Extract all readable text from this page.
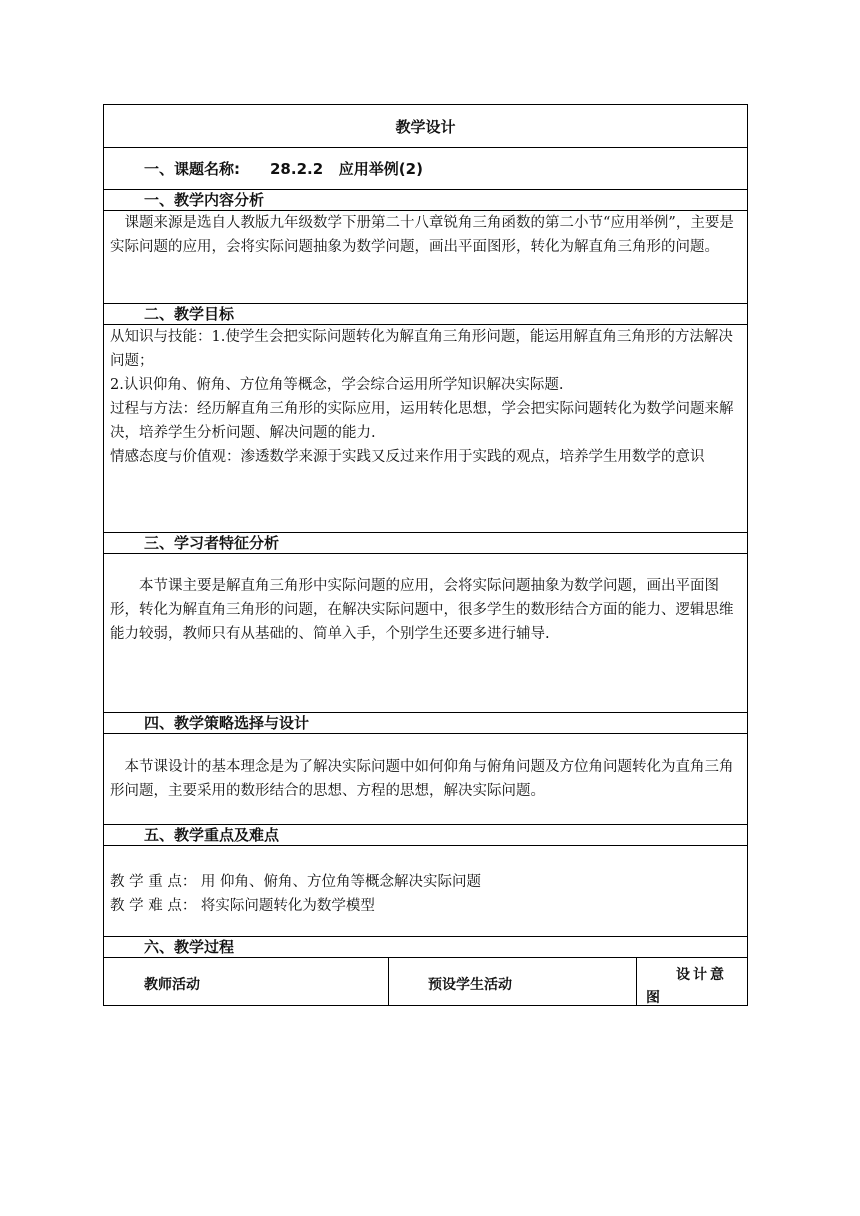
教学设计
一、课题名称: 28.2.2   应用举例(2)
一、教学内容分析

课题来源是选自人教版九年级数学下册第二十八章锐角三角函数的第二小节“应用举例”，主要是实际问题的应用，会将实际问题抽象为数学问题，画出平面图形，转化为解直角三角形的问题。

二、教学目标

从知识与技能：1.使学生会把实际问题转化为解直角三角形问题，能运用解直角三角形的方法解决问题；

2.认识仰角、俯角、方位角等概念，学会综合运用所学知识解决实际题.

过程与方法：经历解直角三角形的实际应用，运用转化思想，学会把实际问题转化为数学问题来解决，培养学生分析问题、解决问题的能力.

情感态度与价值观：渗透数学来源于实践又反过来作用于实践的观点，培养学生用数学的意识

三、学习者特征分析

本节课主要是解直角三角形中实际问题的应用，会将实际问题抽象为数学问题，画出平面图形，转化为解直角三角形的问题，在解决实际问题中，很多学生的数形结合方面的能力、逻辑思维能力较弱，教师只有从基础的、简单入手，个别学生还要多进行辅导.

四、教学策略选择与设计

本节课设计的基本理念是为了解决实际问题中如何仰角与俯角问题及方位角问题转化为直角三角形问题，主要采用的数形结合的思想、方程的思想，解决实际问题。

五、教学重点及难点

教 学 重 点： 用 仰角、俯角、方位角等概念解决实际问题

教 学 难 点： 将实际问题转化为数学模型

六、教学过程
教师活动	预设学生活动
设计意
图
